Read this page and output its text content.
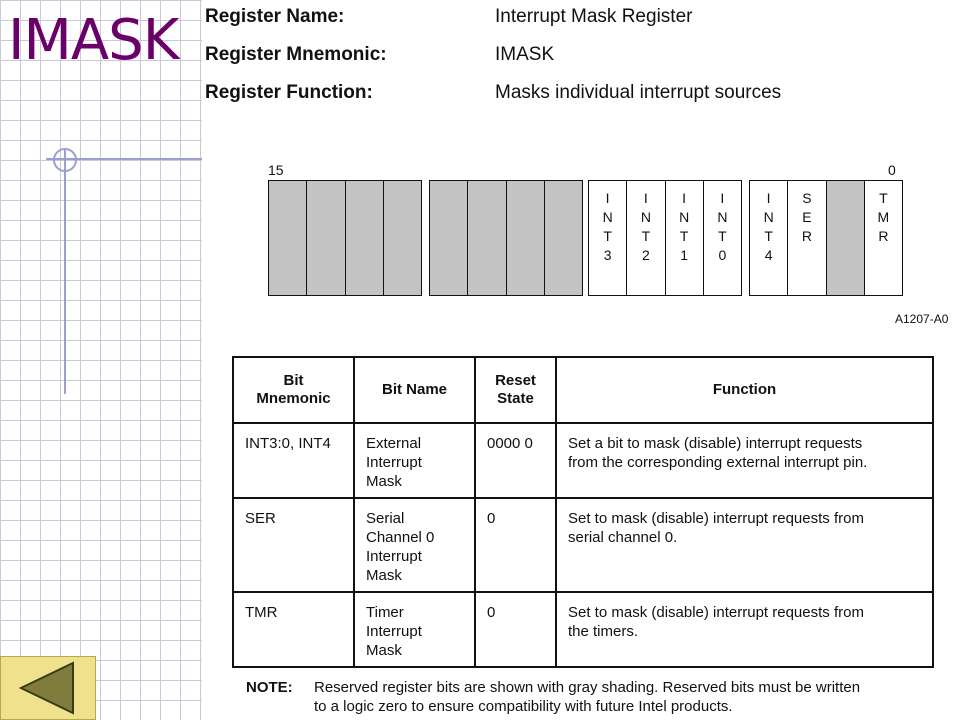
IMASK Register Name:	Interrupt Mask Register
Register Mnemonic:	IMASK
Register Function:	Masks individual interrupt sources
15	0
I
N
T
3
I
N
T
2
I
N
T
1
I
N
T
0
I
N
T
4
S
E
R
T
M
R
A1207-A0
Bit
Mnemonic	Bit Name	Reset
State	Function
INT3:0, INT4	External
Interrupt
Mask	0000 0	Set a bit to mask (disable) interrupt requests
from the corresponding external interrupt pin.
SER	Serial
Channel 0
Interrupt
Mask	0	Set to mask (disable) interrupt requests from
serial channel 0.
TMR	Timer
Interrupt
Mask	0	Set to mask (disable) interrupt requests from
the timers.
NOTE: Reserved register bits are shown with gray shading. Reserved bits must be written
to a logic zero to ensure compatibility with future Intel products.
